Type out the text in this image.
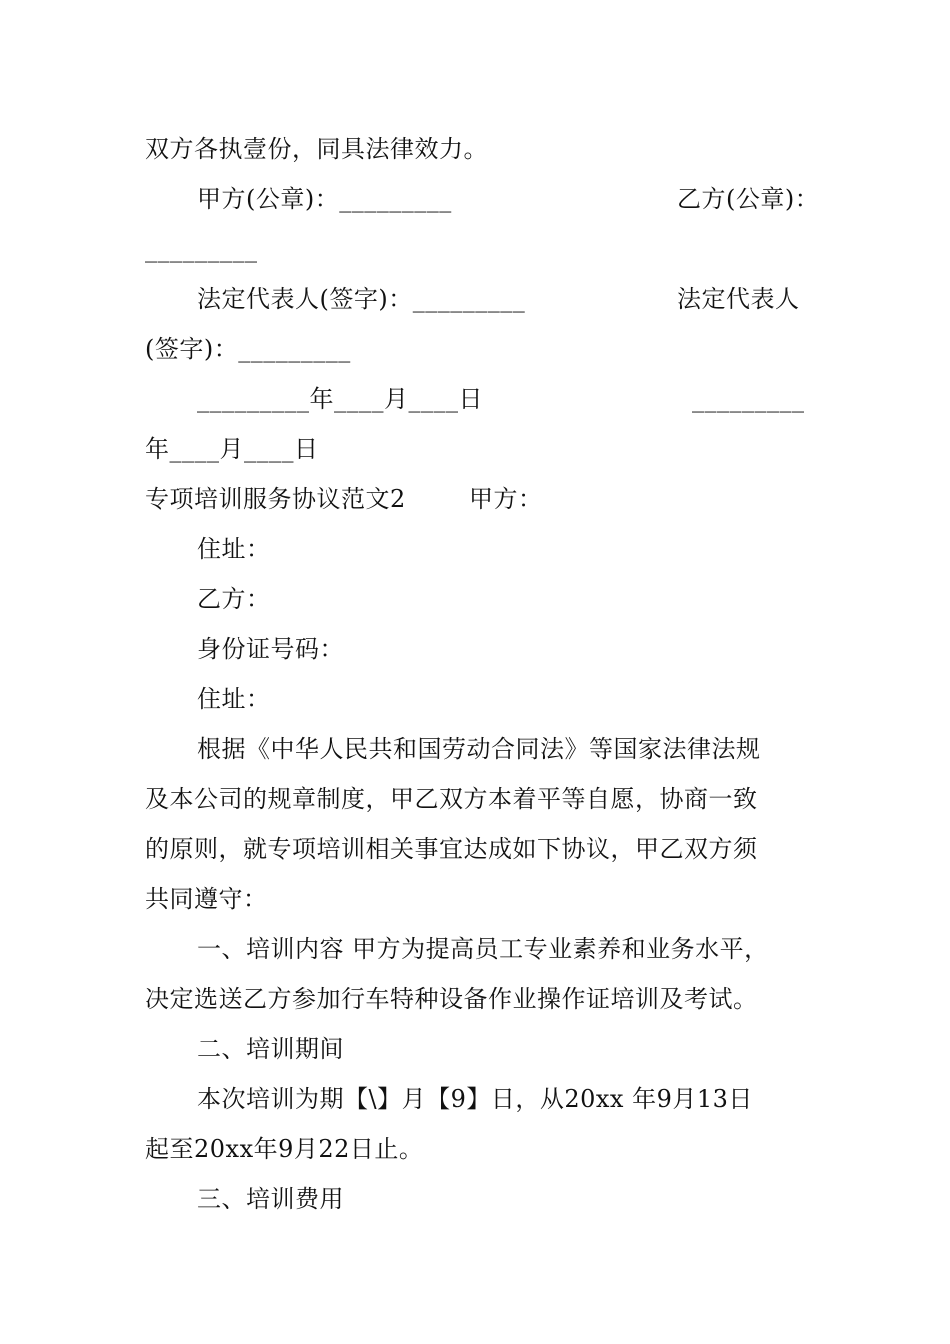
双方各执壹份，同具法律效力。
甲方(公章)：_________	乙方(公章)：
_________
法定代表人(签字)：_________	法定代表人
(签字)：_________
_________年____月____日	_________
年____月____日
专项培训服务协议范文2	甲方：
住址：
乙方：
身份证号码：
住址：
根据《中华人民共和国劳动合同法》等国家法律法规
及本公司的规章制度，甲乙双方本着平等自愿，协商一致
的原则，就专项培训相关事宜达成如下协议，甲乙双方须
共同遵守：
一、培训内容 甲方为提高员工专业素养和业务水平，
决定选送乙方参加行车特种设备作业操作证培训及考试。
二、培训期间
本次培训为期【\】月【9】日，从20xx 年9月13日
起至20xx年9月22日止。
三、培训费用
